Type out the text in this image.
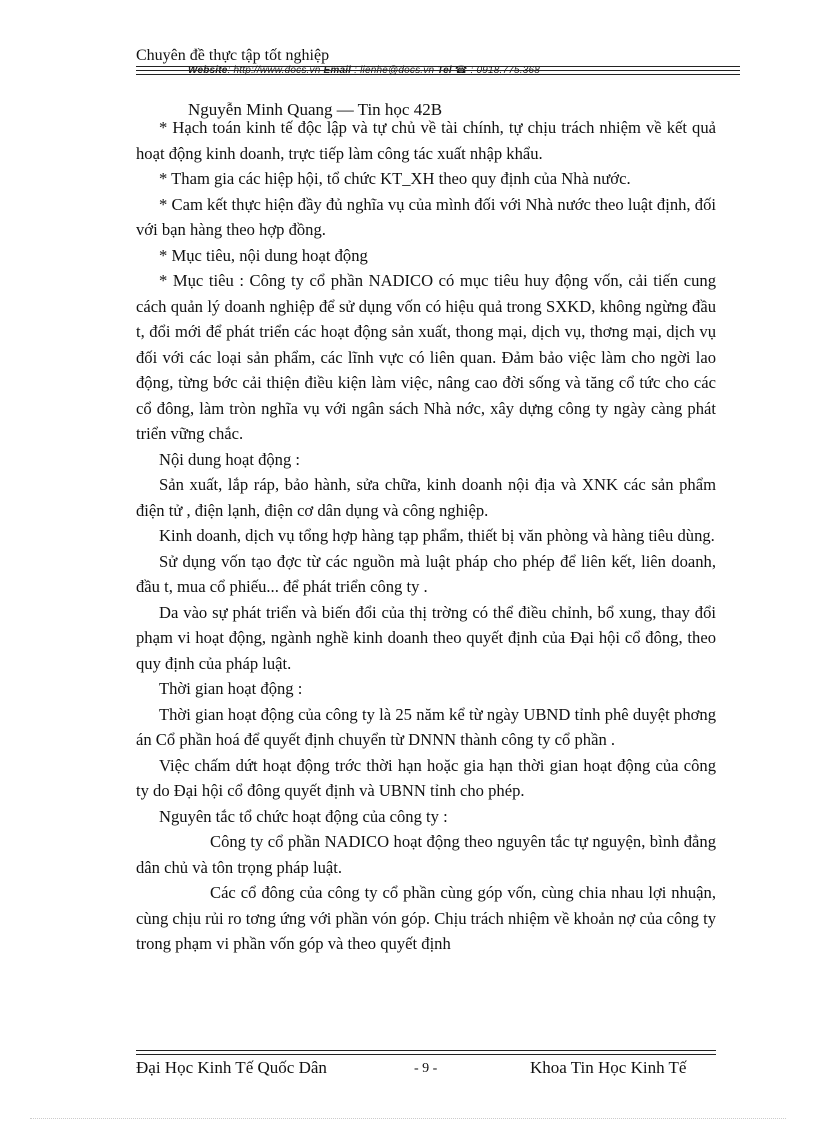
Chuyên đề thực tập tốt nghiệp
Website: http://www.docs.vn Email : lienhe@docs.vn Tel ☎ : 0918.775.368
Nguyễn Minh Quang — Tin học 42B

* Hạch toán kinh tế độc lập và tự chủ về tài chính, tự chịu trách nhiệm về kết quả hoạt động kinh doanh, trực tiếp làm công tác xuất nhập khẩu.

* Tham gia các hiệp hội, tổ chức KT_XH theo quy định của Nhà nước.

* Cam kết thực hiện đầy đủ nghĩa vụ của mình đối với Nhà nước theo luật định, đối với bạn hàng theo hợp đồng.

* Mục tiêu, nội dung hoạt động

* Mục tiêu : Công ty cổ phần NADICO có mục tiêu huy động vốn, cải tiến cung cách quản lý doanh nghiệp để sử dụng vốn có hiệu quả trong SXKD, không ngừng đầu t, đổi mới để phát triển các hoạt động sản xuất, thong mại, dịch vụ, thơng mại, dịch vụ đối với các loại sản phẩm, các lĩnh vực có liên quan. Đảm bảo việc làm cho ngời lao động, từng bớc cải thiện điều kiện làm việc, nâng cao đời sống và tăng cổ tức cho các cổ đông, làm tròn nghĩa vụ với ngân sách Nhà nớc, xây dựng công ty ngày càng phát triển vững chắc.

Nội dung hoạt động :

Sản xuất, lắp ráp, bảo hành, sửa chữa, kinh doanh nội địa và XNK các sản phẩm điện tử , điện lạnh, điện cơ dân dụng và công nghiệp.

Kinh doanh, dịch vụ tổng hợp hàng tạp phẩm, thiết bị văn phòng và hàng tiêu dùng.

Sử dụng vốn tạo đợc từ các nguồn mà luật pháp cho phép để liên kết, liên doanh, đầu t, mua cổ phiếu... để phát triển công ty .

Da vào sự phát triển và biến đổi của thị trờng có thể điều chỉnh, bổ xung, thay đổi phạm vi hoạt động, ngành nghề kinh doanh theo quyết định của Đại hội cổ đông, theo quy định của pháp luật.

Thời gian hoạt động :

Thời gian hoạt động của công ty là 25 năm kể từ ngày UBND tỉnh phê duyệt phơng án Cổ phần hoá để quyết định chuyển từ DNNN thành công ty cổ phần .

Việc chấm dứt hoạt động trớc thời hạn hoặc gia hạn thời gian hoạt động của công ty do Đại hội cổ đông quyết định và UBNN tỉnh cho phép.

Nguyên tắc tổ chức hoạt động của công ty :

Công ty cổ phần NADICO hoạt động theo nguyên tắc tự nguyện, bình đẳng dân chủ và tôn trọng pháp luật.

Các cổ đông của công ty cổ phần cùng góp vốn, cùng chia nhau lợi nhuận, cùng chịu rủi ro tơng ứng với phần vón góp. Chịu trách nhiệm về khoản nợ của công ty trong phạm vi phần vốn góp và theo quyết định

Đại Học Kinh Tế Quốc Dân	- 9 -	Khoa Tin Học Kinh Tế
